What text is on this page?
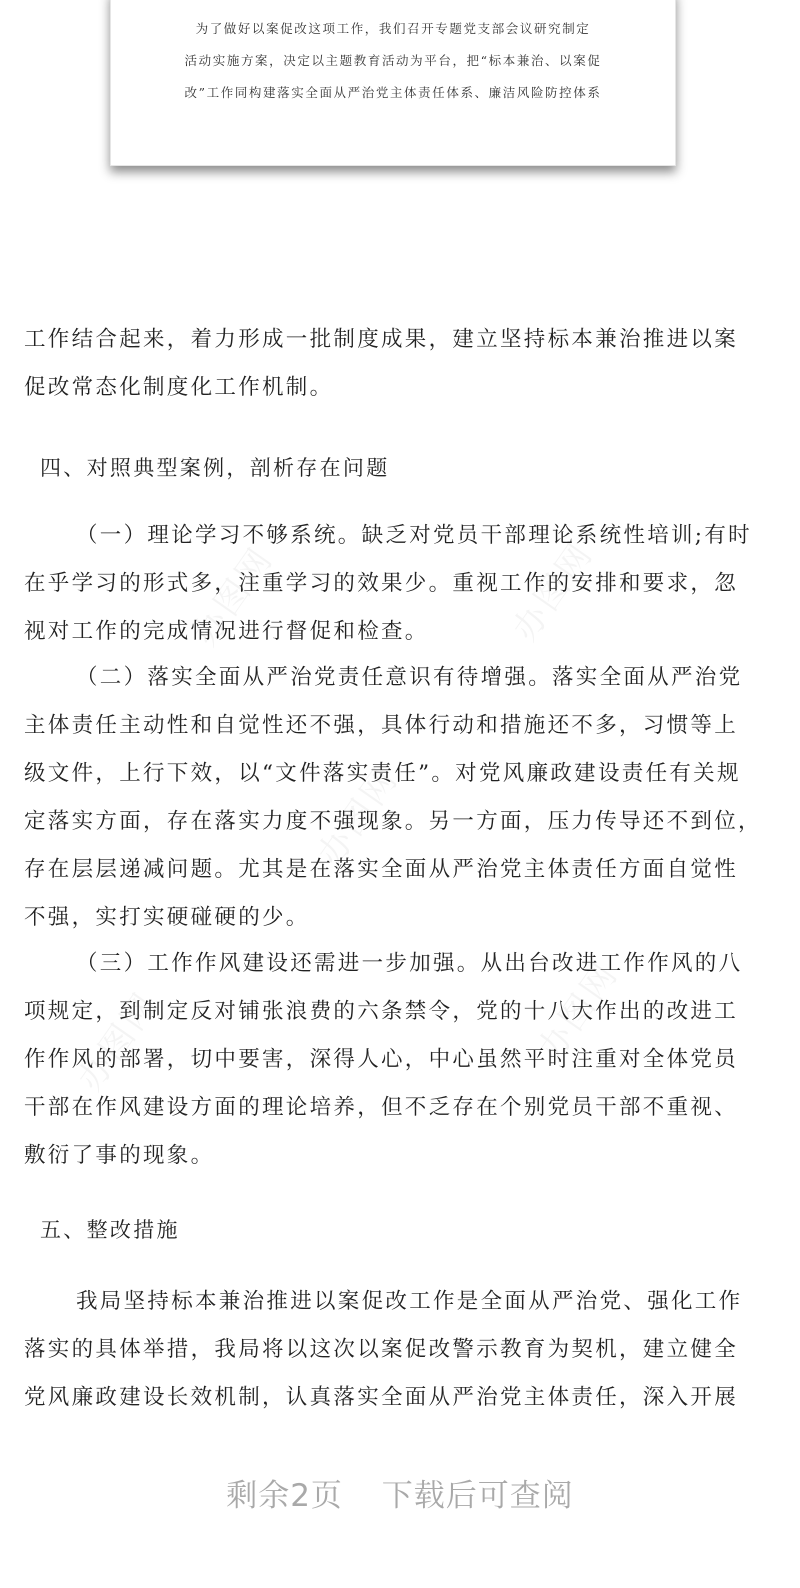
为了做好以案促改这项工作，我们召开专题党支部会议研究制定
活动实施方案，决定以主题教育活动为平台，把“标本兼治、以案促
改”工作同构建落实全面从严治党主体责任体系、廉洁风险防控体系
工作结合起来，着力形成一批制度成果，建立坚持标本兼治推进以案
促改常态化制度化工作机制。
四、对照典型案例，剖析存在问题
（一）理论学习不够系统。缺乏对党员干部理论系统性培训;有时
在乎学习的形式多，注重学习的效果少。重视工作的安排和要求，忽
视对工作的完成情况进行督促和检查。
（二）落实全面从严治党责任意识有待增强。落实全面从严治党
主体责任主动性和自觉性还不强，具体行动和措施还不多，习惯等上
级文件，上行下效，以“文件落实责任”。对党风廉政建设责任有关规
定落实方面，存在落实力度不强现象。另一方面，压力传导还不到位，
存在层层递减问题。尤其是在落实全面从严治党主体责任方面自觉性
不强，实打实硬碰硬的少。
（三）工作作风建设还需进一步加强。从出台改进工作作风的八
项规定，到制定反对铺张浪费的六条禁令，党的十八大作出的改进工
作作风的部署，切中要害，深得人心，中心虽然平时注重对全体党员
干部在作风建设方面的理论培养，但不乏存在个别党员干部不重视、
敷衍了事的现象。
五、整改措施
我局坚持标本兼治推进以案促改工作是全面从严治党、强化工作
落实的具体举措，我局将以这次以案促改警示教育为契机，建立健全
党风廉政建设长效机制，认真落实全面从严治党主体责任，深入开展
剩余2页 下载后可查阅
